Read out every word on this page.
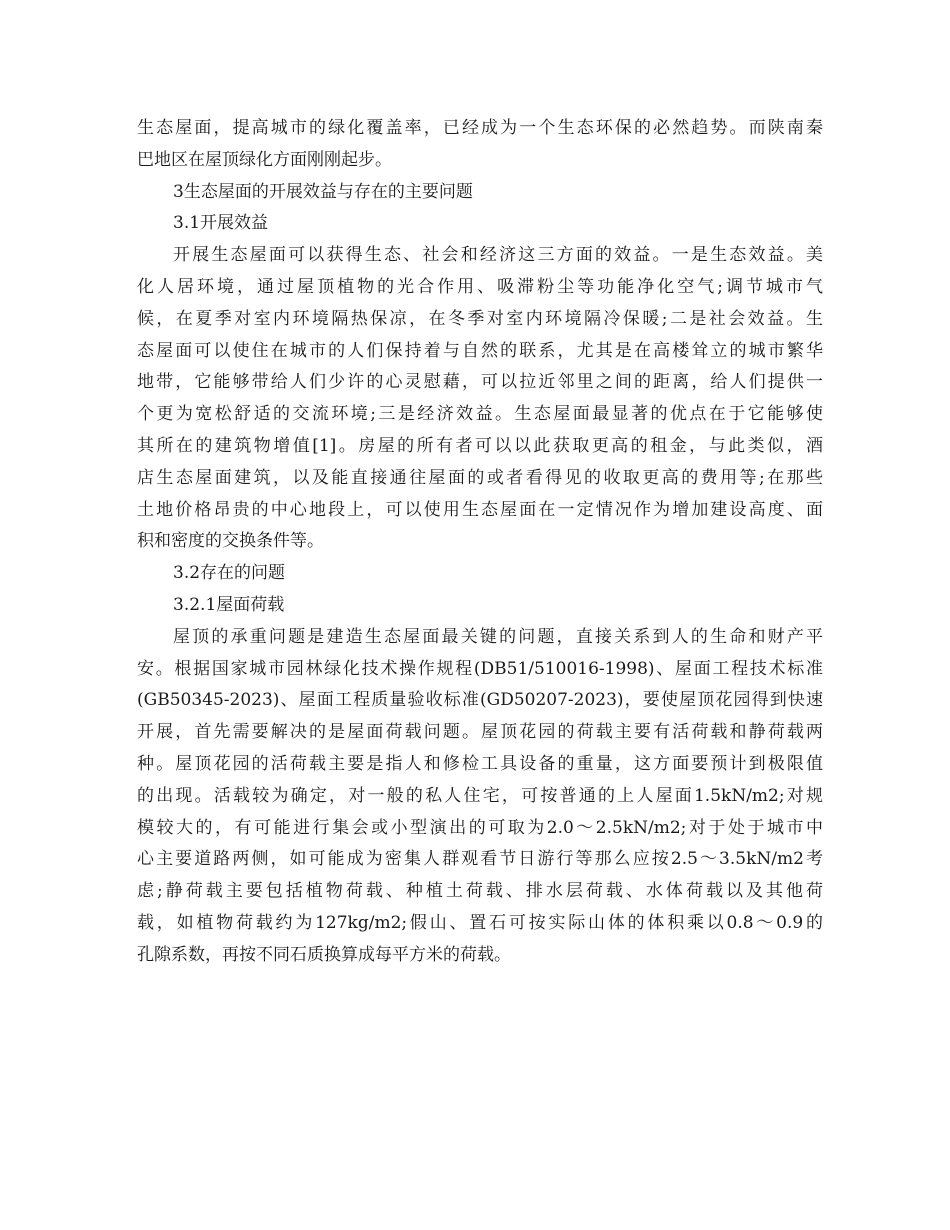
生态屋面，提高城市的绿化覆盖率，已经成为一个生态环保的必然趋势。而陕南秦
巴地区在屋顶绿化方面刚刚起步。
3生态屋面的开展效益与存在的主要问题
3.1开展效益
开展生态屋面可以获得生态、社会和经济这三方面的效益。一是生态效益。美
化人居环境，通过屋顶植物的光合作用、吸滞粉尘等功能净化空气;调节城市气
候，在夏季对室内环境隔热保凉，在冬季对室内环境隔冷保暖;二是社会效益。生
态屋面可以使住在城市的人们保持着与自然的联系，尤其是在高楼耸立的城市繁华
地带，它能够带给人们少许的心灵慰藉，可以拉近邻里之间的距离，给人们提供一
个更为宽松舒适的交流环境;三是经济效益。生态屋面最显著的优点在于它能够使
其所在的建筑物增值[1]。房屋的所有者可以以此获取更高的租金，与此类似，酒
店生态屋面建筑，以及能直接通往屋面的或者看得见的收取更高的费用等;在那些
土地价格昂贵的中心地段上，可以使用生态屋面在一定情况作为增加建设高度、面
积和密度的交换条件等。
3.2存在的问题
3.2.1屋面荷载
屋顶的承重问题是建造生态屋面最关键的问题，直接关系到人的生命和财产平
安。根据国家城市园林绿化技术操作规程(DB51/510016-1998)、屋面工程技术标准
(GB50345-2023)、屋面工程质量验收标准(GD50207-2023)，要使屋顶花园得到快速
开展，首先需要解决的是屋面荷载问题。屋顶花园的荷载主要有活荷载和静荷载两
种。屋顶花园的活荷载主要是指人和修检工具设备的重量，这方面要预计到极限值
的出现。活载较为确定，对一般的私人住宅，可按普通的上人屋面1.5kN/m2;对规
模较大的，有可能进行集会或小型演出的可取为2.0～2.5kN/m2;对于处于城市中
心主要道路两侧，如可能成为密集人群观看节日游行等那么应按2.5～3.5kN/m2考
虑;静荷载主要包括植物荷载、种植土荷载、排水层荷载、水体荷载以及其他荷
载，如植物荷载约为127kg/m2;假山、置石可按实际山体的体积乘以0.8～0.9的
孔隙系数，再按不同石质换算成每平方米的荷载。
